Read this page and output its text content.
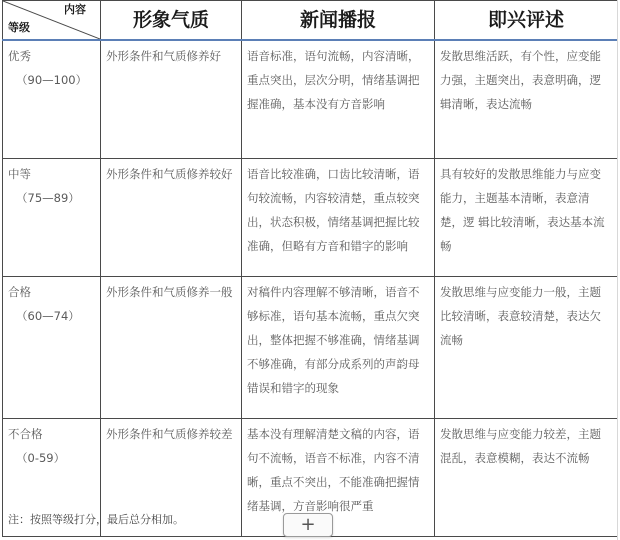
内容
等级	形象气质	新闻播报	即兴评述
优秀
（90—100）	外形条件和气质修养好	语音标准，语句流畅，内容清晰，重点突出，层次分明，情绪基调把 握准确，基本没有方音影响	发散思维活跃，有个性，应变能力强，主题突出，表意明确，逻辑清晰，表达流畅
中等
（75—89）	外形条件和气质修养较好	语音比较准确，口齿比较清晰，语句较流畅，内容较清楚，重点较突 出，状态积极，情绪基调把握比较准确，但略有方音和错字的影响	具有较好的发散思维能力与应变能力，主题基本清晰，表意清楚，逻 辑比较清晰，表达基本流畅
合格
（60—74）	外形条件和气质修养一般	对稿件内容理解不够清晰，语音不够标准，语句基本流畅，重点欠突出，整体把握不够准确，情绪基调不够准确，有部分成系列的声韵母错误和错字的现象	发散思维与应变能力一般，主题比较清晰，表意较清楚，表达欠流畅
不合格
（0-59）	外形条件和气质修养较差	基本没有理解清楚文稿的内容，语句不流畅，语音不标准，内容不清 晰，重点不突出，不能准确把握情绪基调，方音影响很严重	发散思维与应变能力较差，主题混乱，表意模糊，表达不流畅
注：按照等级打分，最后总分相加。	+
